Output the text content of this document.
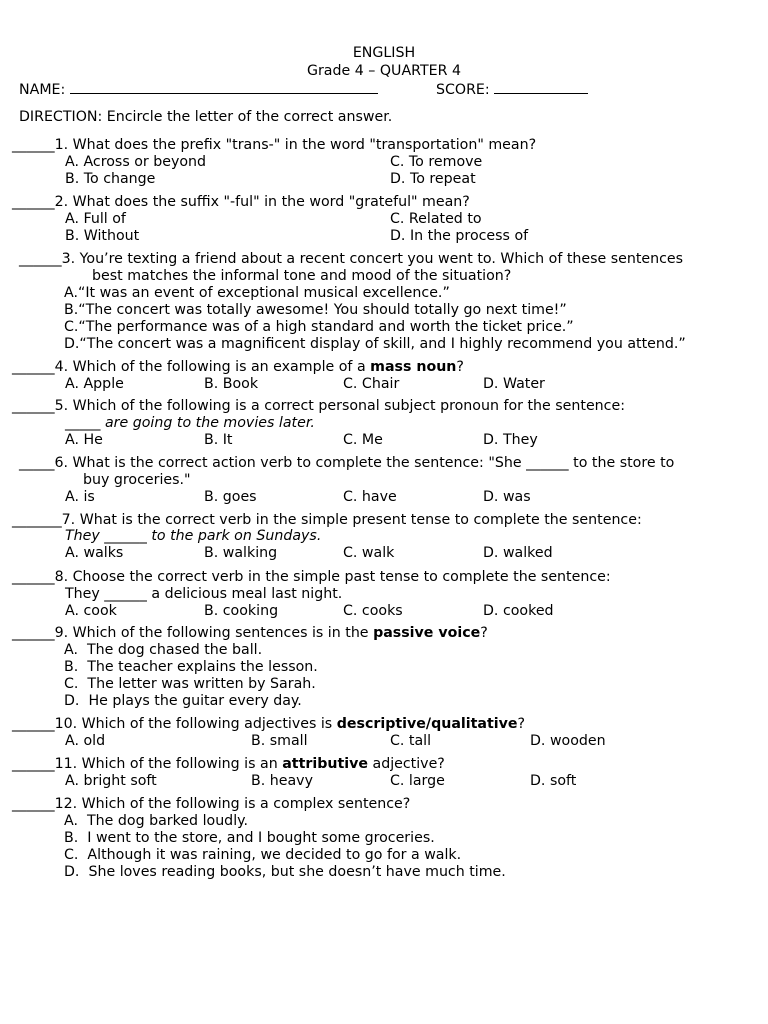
ENGLISH
Grade 4 – QUARTER 4
NAME:	SCORE:
DIRECTION: Encircle the letter of the correct answer.
______1. What does the prefix "trans-" in the word "transportation" mean?
A. Across or beyond
B. To change
C. To remove
D. To repeat
______2. What does the suffix "-ful" in the word "grateful" mean?
A. Full of
B. Without
C. Related to
D. In the process of
______3. You’re texting a friend about a recent concert you went to. Which of these sentences
best matches the informal tone and mood of the situation?
A.“It was an event of exceptional musical excellence.”
B.“The concert was totally awesome! You should totally go next time!”
C.“The performance was of a high standard and worth the ticket price.”
D.“The concert was a magnificent display of skill, and I highly recommend you attend.”
______4. Which of the following is an example of a mass noun?
A. Apple	B. Book	C. Chair	D. Water
______5. Which of the following is a correct personal subject pronoun for the sentence:
_____ are going to the movies later.
A. He	B. It	C. Me	D. They
_____6. What is the correct action verb to complete the sentence: "She ______ to the store to
buy groceries."
A. is	B. goes	C. have	D. was
_______7. What is the correct verb in the simple present tense to complete the sentence:
They ______ to the park on Sundays.
A. walks	B. walking	C. walk	D. walked
______8. Choose the correct verb in the simple past tense to complete the sentence:
They ______ a delicious meal last night.
A. cook	B. cooking	C. cooks	D. cooked
______9. Which of the following sentences is in the passive voice?
A.  The dog chased the ball.
B.  The teacher explains the lesson.
C.  The letter was written by Sarah.
D.  He plays the guitar every day.
______10. Which of the following adjectives is descriptive/qualitative?
A. old	B. small	C. tall	D. wooden
______11. Which of the following is an attributive adjective?
A. bright soft	B. heavy	C. large	D. soft
______12. Which of the following is a complex sentence?
A.  The dog barked loudly.
B.  I went to the store, and I bought some groceries.
C.  Although it was raining, we decided to go for a walk.
D.  She loves reading books, but she doesn’t have much time.
